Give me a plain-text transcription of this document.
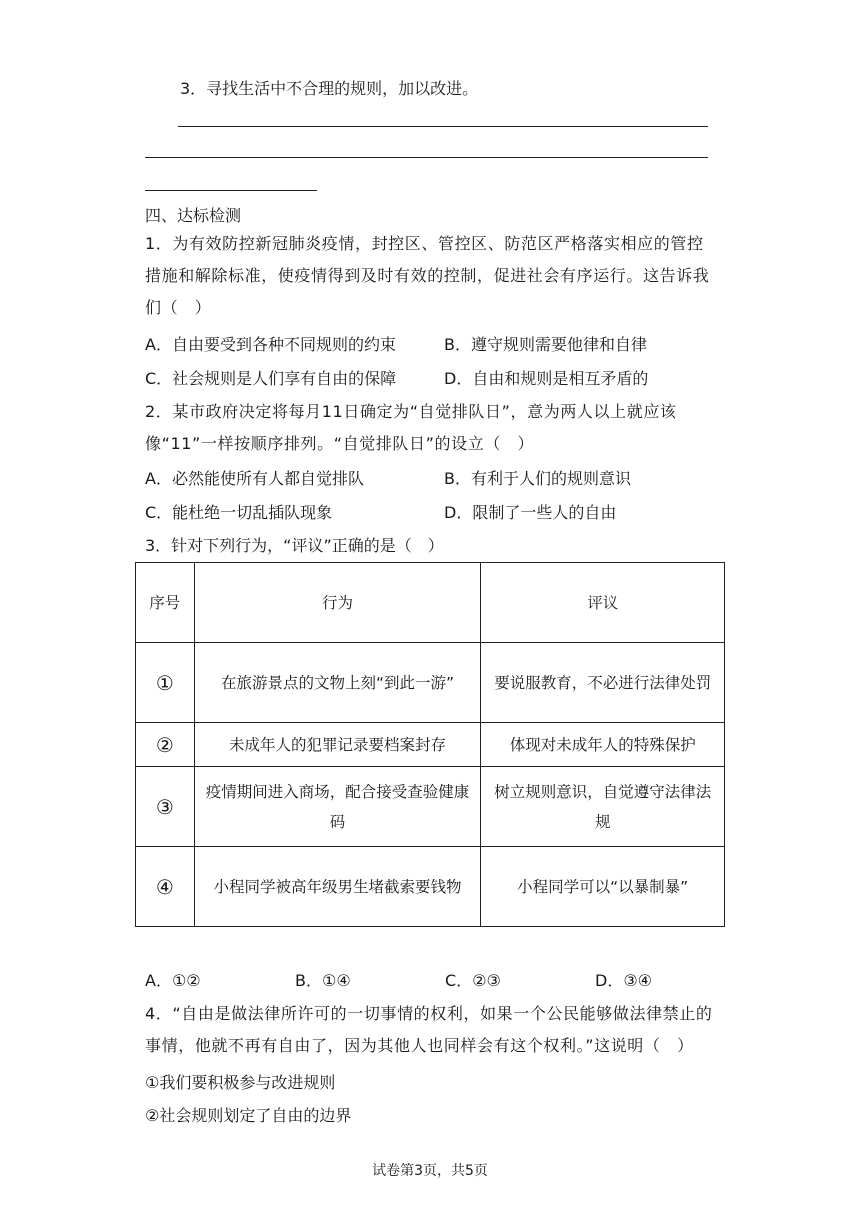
3．寻找生活中不合理的规则，加以改进。
四、达标检测
1．为有效防控新冠肺炎疫情，封控区、管控区、防范区严格落实相应的管控措施和解除标准，使疫情得到及时有效的控制，促进社会有序运行。这告诉我们（　）
A．自由要受到各种不同规则的约束	B．遵守规则需要他律和自律
C．社会规则是人们享有自由的保障	D．自由和规则是相互矛盾的
2．某市政府决定将每月11日确定为“自觉排队日”，意为两人以上就应该像“11”一样按顺序排列。“自觉排队日”的设立（　）
A．必然能使所有人都自觉排队	B．有利于人们的规则意识
C．能杜绝一切乱插队现象	D．限制了一些人的自由
3．针对下列行为，“评议”正确的是（　）
序号	行为	评议
①	在旅游景点的文物上刻“到此一游”	要说服教育，不必进行法律处罚
②	未成年人的犯罪记录要档案封存	体现对未成年人的特殊保护
③	疫情期间进入商场，配合接受查验健康码	树立规则意识，自觉遵守法律法规
④	小程同学被高年级男生堵截索要钱物	小程同学可以“以暴制暴”
A．①②	B．①④	C．②③	D．③④
4．“自由是做法律所许可的一切事情的权利，如果一个公民能够做法律禁止的事情，他就不再有自由了，因为其他人也同样会有这个权利。”这说明（　）
①我们要积极参与改进规则
②社会规则划定了自由的边界
试卷第3页，共5页
